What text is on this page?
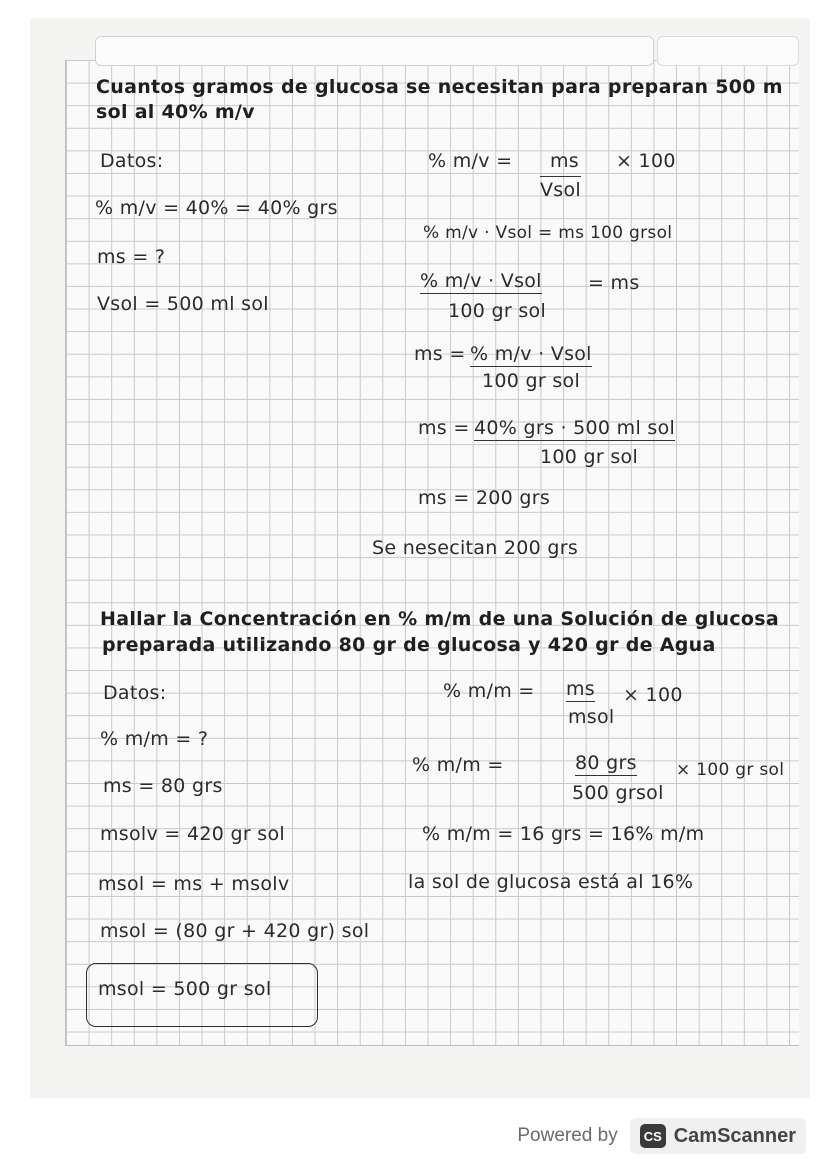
Cuantos gramos de glucosa se necesitan para preparan 500 m
sol al 40% m/v
Datos:
% m/v = 40% = 40% grs
ms = ?
Vsol = 500 ml sol
% m/v = ms
Vsol
× 100
% m/v · Vsol = ms 100 grsol
% m/v · Vsol = ms
100 gr sol
ms = % m/v · Vsol
100 gr sol
ms = 40% grs · 500 ml sol
100 gr sol
ms = 200 grs
Se nesecitan 200 grs
Hallar la Concentración en % m/m de una Solución de glucosa
preparada utilizando 80 gr de glucosa y 420 gr de Agua
Datos:
% m/m = ?
ms = 80 grs
msolv = 420 gr sol
msol = ms + msolv
msol = (80 gr + 420 gr) sol
msol = 500 gr sol
% m/m = ms
msol
× 100
% m/m =	80 grs
500 grsol
× 100 gr sol
% m/m = 16 grs = 16% m/m
la sol de glucosa está al 16%
Powered by	CS CamScanner
